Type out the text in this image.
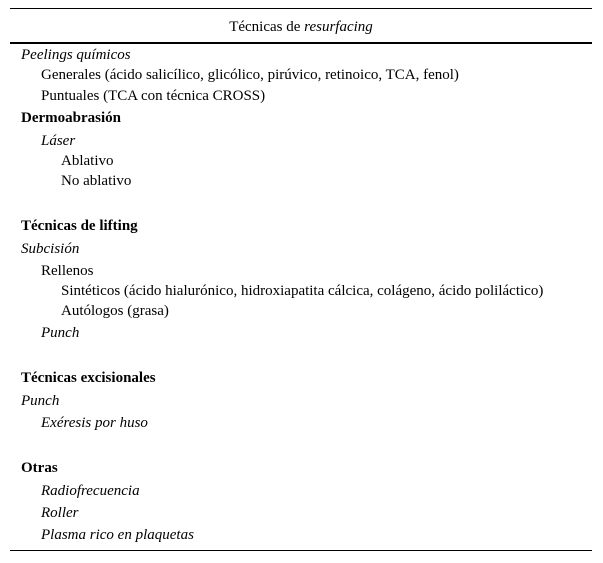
Técnicas de resurfacing
Peelings químicos
Generales (ácido salicílico, glicólico, pirúvico, retinoico, TCA, fenol)
Puntuales (TCA con técnica CROSS)
Dermoabrasión
Láser
Ablativo
No ablativo
Técnicas de lifting
Subcisión
Rellenos
Sintéticos (ácido hialurónico, hidroxiapatita cálcica, colágeno, ácido poliláctico)
Autólogos (grasa)
Punch
Técnicas excisionales
Punch
Exéresis por huso
Otras
Radiofrecuencia
Roller
Plasma rico en plaquetas
